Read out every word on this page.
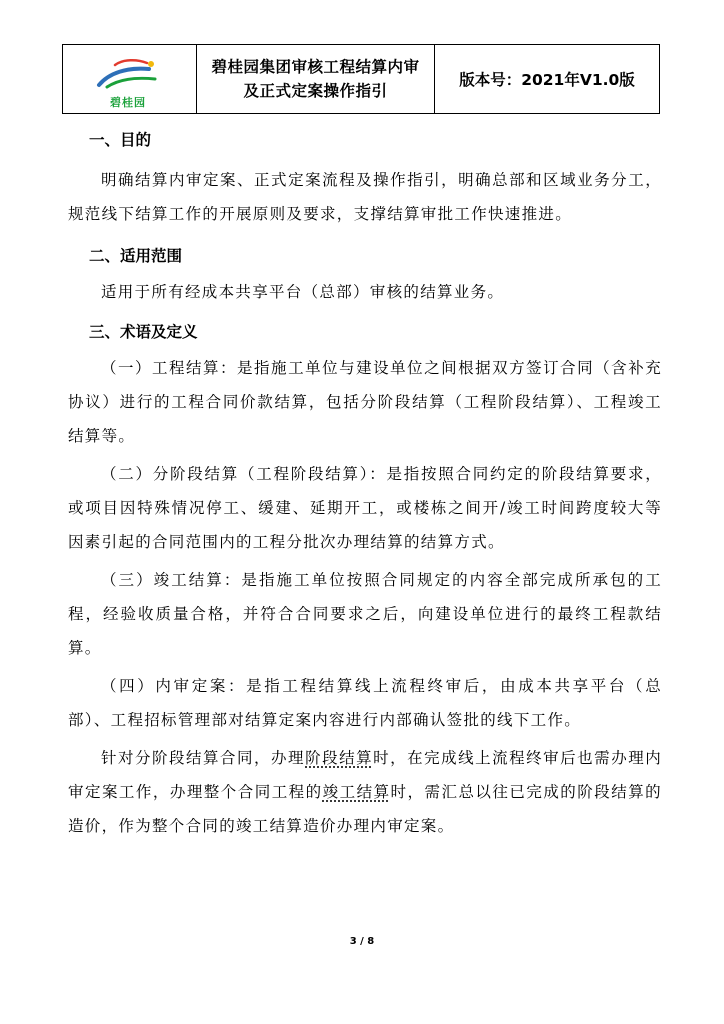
碧桂园
碧桂园集团审核工程结算内审
及正式定案操作指引
版本号：2021年V1.0版
一、目的
明确结算内审定案、正式定案流程及操作指引，明确总部和区域业务分工，规范线下结算工作的开展原则及要求，支撑结算审批工作快速推进。
二、适用范围
适用于所有经成本共享平台（总部）审核的结算业务。
三、术语及定义
（一）工程结算：是指施工单位与建设单位之间根据双方签订合同（含补充协议）进行的工程合同价款结算，包括分阶段结算（工程阶段结算）、工程竣工结算等。
（二）分阶段结算（工程阶段结算）：是指按照合同约定的阶段结算要求，或项目因特殊情况停工、缓建、延期开工，或楼栋之间开/竣工时间跨度较大等因素引起的合同范围内的工程分批次办理结算的结算方式。
（三）竣工结算：是指施工单位按照合同规定的内容全部完成所承包的工程，经验收质量合格，并符合合同要求之后，向建设单位进行的最终工程款结算。
（四）内审定案：是指工程结算线上流程终审后，由成本共享平台（总部）、工程招标管理部对结算定案内容进行内部确认签批的线下工作。
针对分阶段结算合同，办理阶段结算时，在完成线上流程终审后也需办理内审定案工作，办理整个合同工程的竣工结算时，需汇总以往已完成的阶段结算的造价，作为整个合同的竣工结算造价办理内审定案。
3 / 8
